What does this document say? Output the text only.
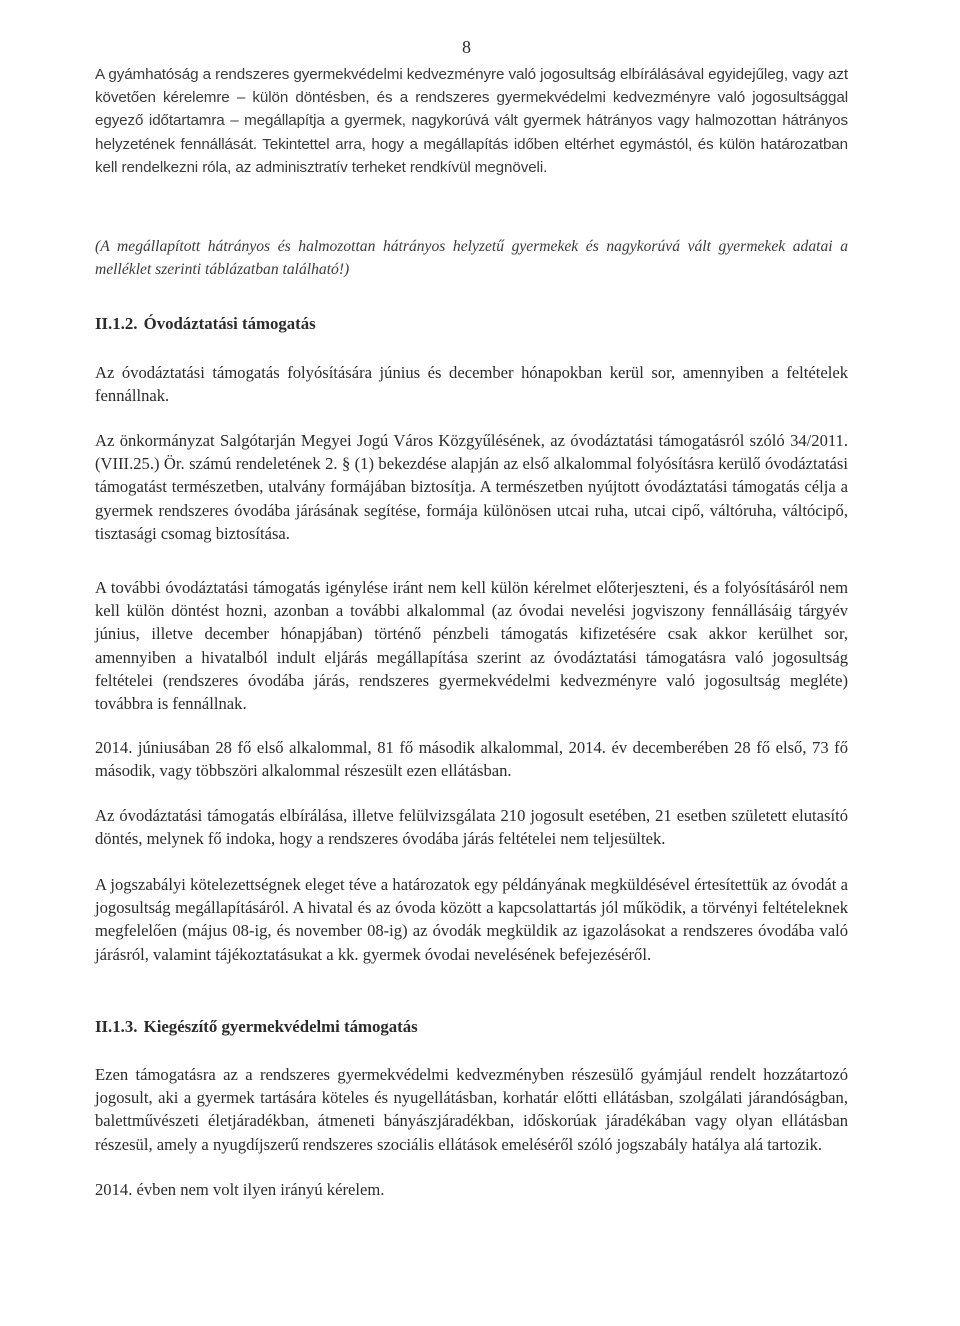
8

A gyámhatóság a rendszeres gyermekvédelmi kedvezményre való jogosultság elbírálásával egyidejűleg, vagy azt követően kérelemre – külön döntésben, és a rendszeres gyermekvédelmi kedvezményre való jogosultsággal egyező időtartamra – megállapítja a gyermek, nagykorúvá vált gyermek hátrányos vagy halmozottan hátrányos helyzetének fennállását. Tekintettel arra, hogy a megállapítás időben eltérhet egymástól, és külön határozatban kell rendelkezni róla, az adminisztratív terheket rendkívül megnöveli.

(A megállapított hátrányos és halmozottan hátrányos helyzetű gyermekek és nagykorúvá vált gyermekek adatai a melléklet szerinti táblázatban található!)

II.1.2. Óvodáztatási támogatás

Az óvodáztatási támogatás folyósítására június és december hónapokban kerül sor, amennyiben a feltételek fennállnak.

Az önkormányzat Salgótarján Megyei Jogú Város Közgyűlésének, az óvodáztatási támogatásról szóló 34/2011.(VIII.25.) Ör. számú rendeletének 2. § (1) bekezdése alapján az első alkalommal folyósításra kerülő óvodáztatási támogatást természetben, utalvány formájában biztosítja. A természetben nyújtott óvodáztatási támogatás célja a gyermek rendszeres óvodába járásának segítése, formája különösen utcai ruha, utcai cipő, váltóruha, váltócipő, tisztasági csomag biztosítása.

A további óvodáztatási támogatás igénylése iránt nem kell külön kérelmet előterjeszteni, és a folyósításáról nem kell külön döntést hozni, azonban a további alkalommal (az óvodai nevelési jogviszony fennállásáig tárgyév június, illetve december hónapjában) történő pénzbeli támogatás kifizetésére csak akkor kerülhet sor, amennyiben a hivatalból indult eljárás megállapítása szerint az óvodáztatási támogatásra való jogosultság feltételei (rendszeres óvodába járás, rendszeres gyermekvédelmi kedvezményre való jogosultság megléte) továbbra is fennállnak.

2014. júniusában 28 fő első alkalommal, 81 fő második alkalommal, 2014. év decemberében 28 fő első, 73 fő második, vagy többszöri alkalommal részesült ezen ellátásban.

Az óvodáztatási támogatás elbírálása, illetve felülvizsgálata 210 jogosult esetében, 21 esetben született elutasító döntés, melynek fő indoka, hogy a rendszeres óvodába járás feltételei nem teljesültek.

A jogszabályi kötelezettségnek eleget téve a határozatok egy példányának megküldésével értesítettük az óvodát a jogosultság megállapításáról. A hivatal és az óvoda között a kapcsolattartás jól működik, a törvényi feltételeknek megfelelően (május 08-ig, és november 08-ig) az óvodák megküldik az igazolásokat a rendszeres óvodába való járásról, valamint tájékoztatásukat a kk. gyermek óvodai nevelésének befejezéséről.

II.1.3. Kiegészítő gyermekvédelmi támogatás

Ezen támogatásra az a rendszeres gyermekvédelmi kedvezményben részesülő gyámjául rendelt hozzátartozó jogosult, aki a gyermek tartására köteles és nyugellátásban, korhatár előtti ellátásban, szolgálati járandóságban, balettművészeti életjáradékban, átmeneti bányászjáradékban, időskorúak járadékában vagy olyan ellátásban részesül, amely a nyugdíjszerű rendszeres szociális ellátások emeléséről szóló jogszabály hatálya alá tartozik.

2014. évben nem volt ilyen irányú kérelem.
